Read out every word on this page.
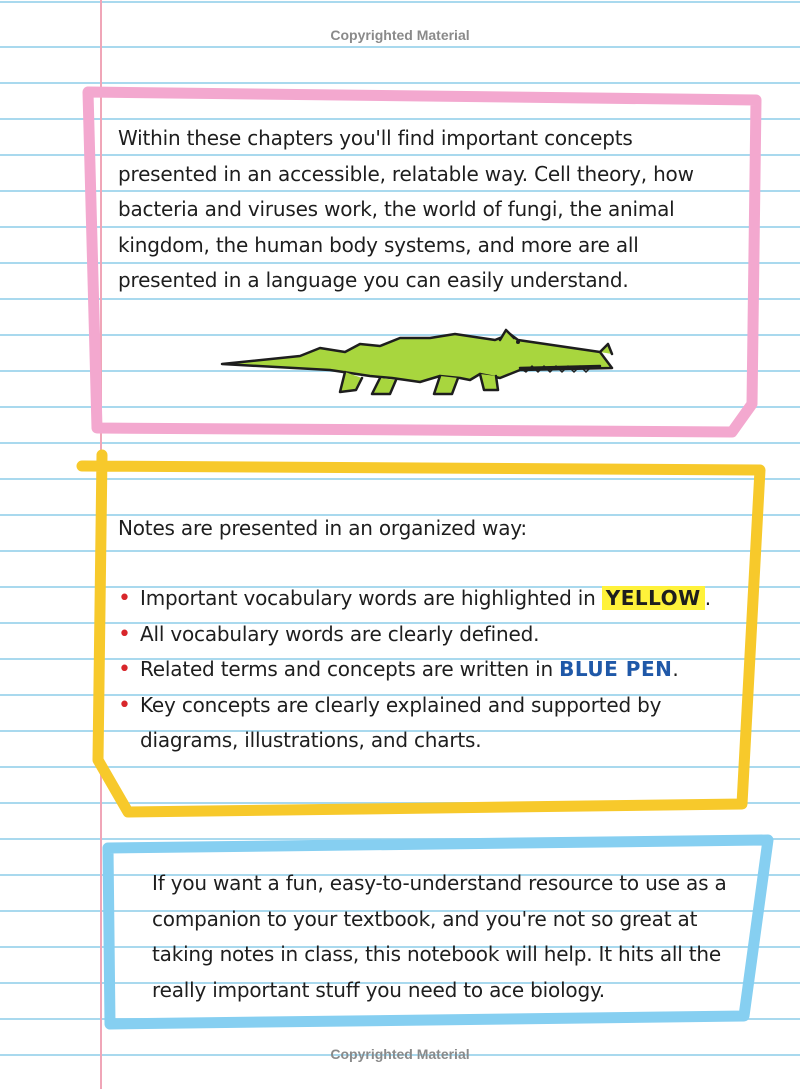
Copyrighted Material

Within these chapters you'll find important concepts presented in an accessible, relatable way. Cell theory, how bacteria and viruses work, the world of fungi, the animal kingdom, the human body systems, and more are all presented in a language you can easily understand.

Notes are presented in an organized way:

• Important vocabulary words are highlighted in YELLOW .
• All vocabulary words are clearly defined.
• Related terms and concepts are written in BLUE PEN.
• Key concepts are clearly explained and supported by diagrams, illustrations, and charts.

If you want a fun, easy-to-understand resource to use as a companion to your textbook, and you're not so great at taking notes in class, this notebook will help. It hits all the really important stuff you need to ace biology.

Copyrighted Material
